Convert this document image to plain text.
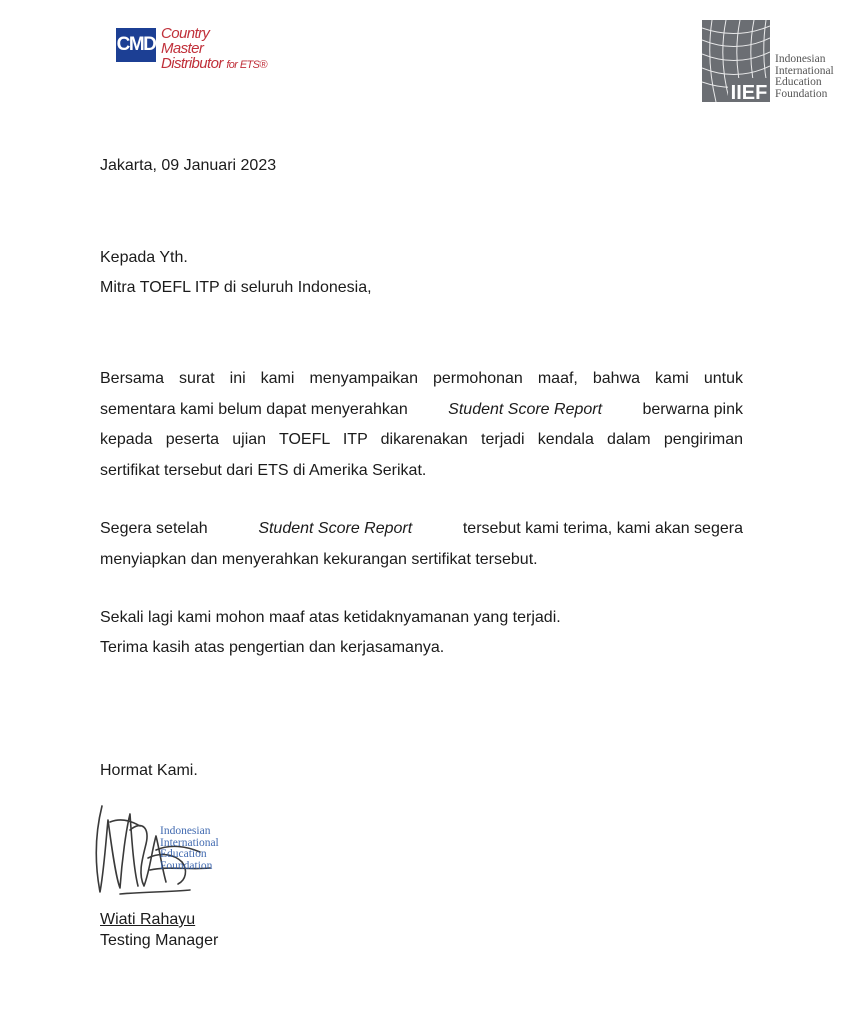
CMD
Country
Master
Distributor for ETS®
IIEF
Indonesian
International
Education
Foundation
Jakarta, 09 Januari 2023
Kepada Yth.
Mitra TOEFL ITP di seluruh Indonesia,
Bersama surat ini kami menyampaikan permohonan maaf, bahwa kami untuk
sementara kami belum dapat menyerahkan	Student Score Report	berwarna pink
kepada peserta ujian TOEFL ITP dikarenakan terjadi kendala dalam pengiriman
sertifikat tersebut dari ETS di Amerika Serikat.
Segera setelah	Student Score Report	tersebut kami terima, kami akan segera
menyiapkan dan menyerahkan kekurangan sertifikat tersebut.
Sekali lagi kami mohon maaf atas ketidaknyamanan yang terjadi.
Terima kasih atas pengertian dan kerjasamanya.
Hormat Kami.
Indonesian
International
Education
Foundation
Wiati Rahayu
Testing Manager
